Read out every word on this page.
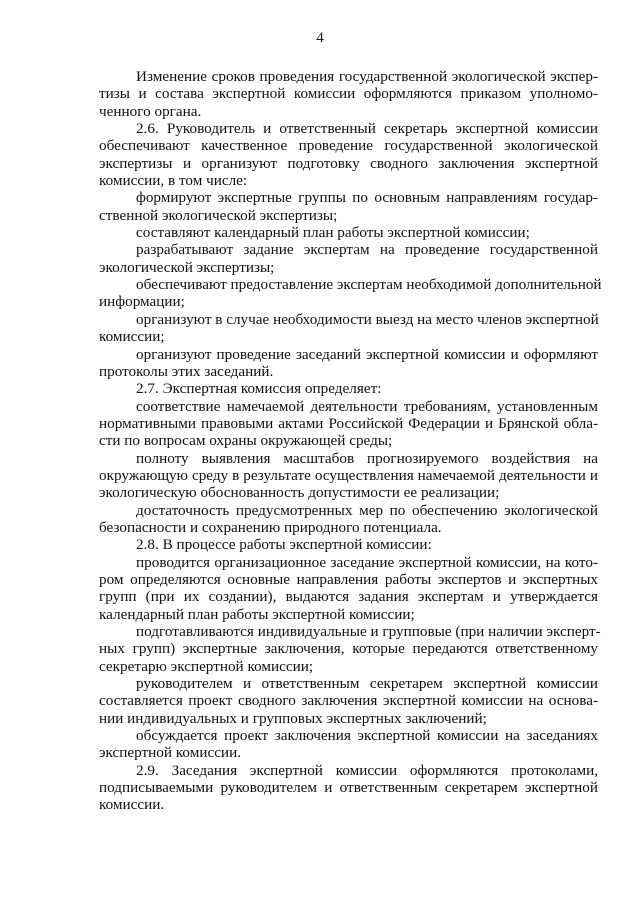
4
Изменение сроков проведения государственной экологической экспер-
тизы и состава экспертной комиссии оформляются приказом уполномо-
ченного органа.
2.6. Руководитель и ответственный секретарь экспертной комиссии
обеспечивают качественное проведение государственной экологической
экспертизы и организуют подготовку сводного заключения экспертной
комиссии, в том числе:
формируют экспертные группы по основным направлениям государ-
ственной экологической экспертизы;
составляют календарный план работы экспертной комиссии;
разрабатывают задание экспертам на проведение государственной
экологической экспертизы;
обеспечивают предоставление экспертам необходимой дополнительной
информации;
организуют в случае необходимости выезд на место членов экспертной
комиссии;
организуют проведение заседаний экспертной комиссии и оформляют
протоколы этих заседаний.
2.7. Экспертная комиссия определяет:
соответствие намечаемой деятельности требованиям, установленным
нормативными правовыми актами Российской Федерации и Брянской обла-
сти по вопросам охраны окружающей среды;
полноту выявления масштабов прогнозируемого воздействия на
окружающую среду в результате осуществления намечаемой деятельности и
экологическую обоснованность допустимости ее реализации;
достаточность предусмотренных мер по обеспечению экологической
безопасности и сохранению природного потенциала.
2.8. В процессе работы экспертной комиссии:
проводится организационное заседание экспертной комиссии, на кото-
ром определяются основные направления работы экспертов и экспертных
групп (при их создании), выдаются задания экспертам и утверждается
календарный план работы экспертной комиссии;
подготавливаются индивидуальные и групповые (при наличии эксперт-
ных групп) экспертные заключения, которые передаются ответственному
секретарю экспертной комиссии;
руководителем и ответственным секретарем экспертной комиссии
составляется проект сводного заключения экспертной комиссии на основа-
нии индивидуальных и групповых экспертных заключений;
обсуждается проект заключения экспертной комиссии на заседаниях
экспертной комиссии.
2.9. Заседания экспертной комиссии оформляются протоколами,
подписываемыми руководителем и ответственным секретарем экспертной
комиссии.
